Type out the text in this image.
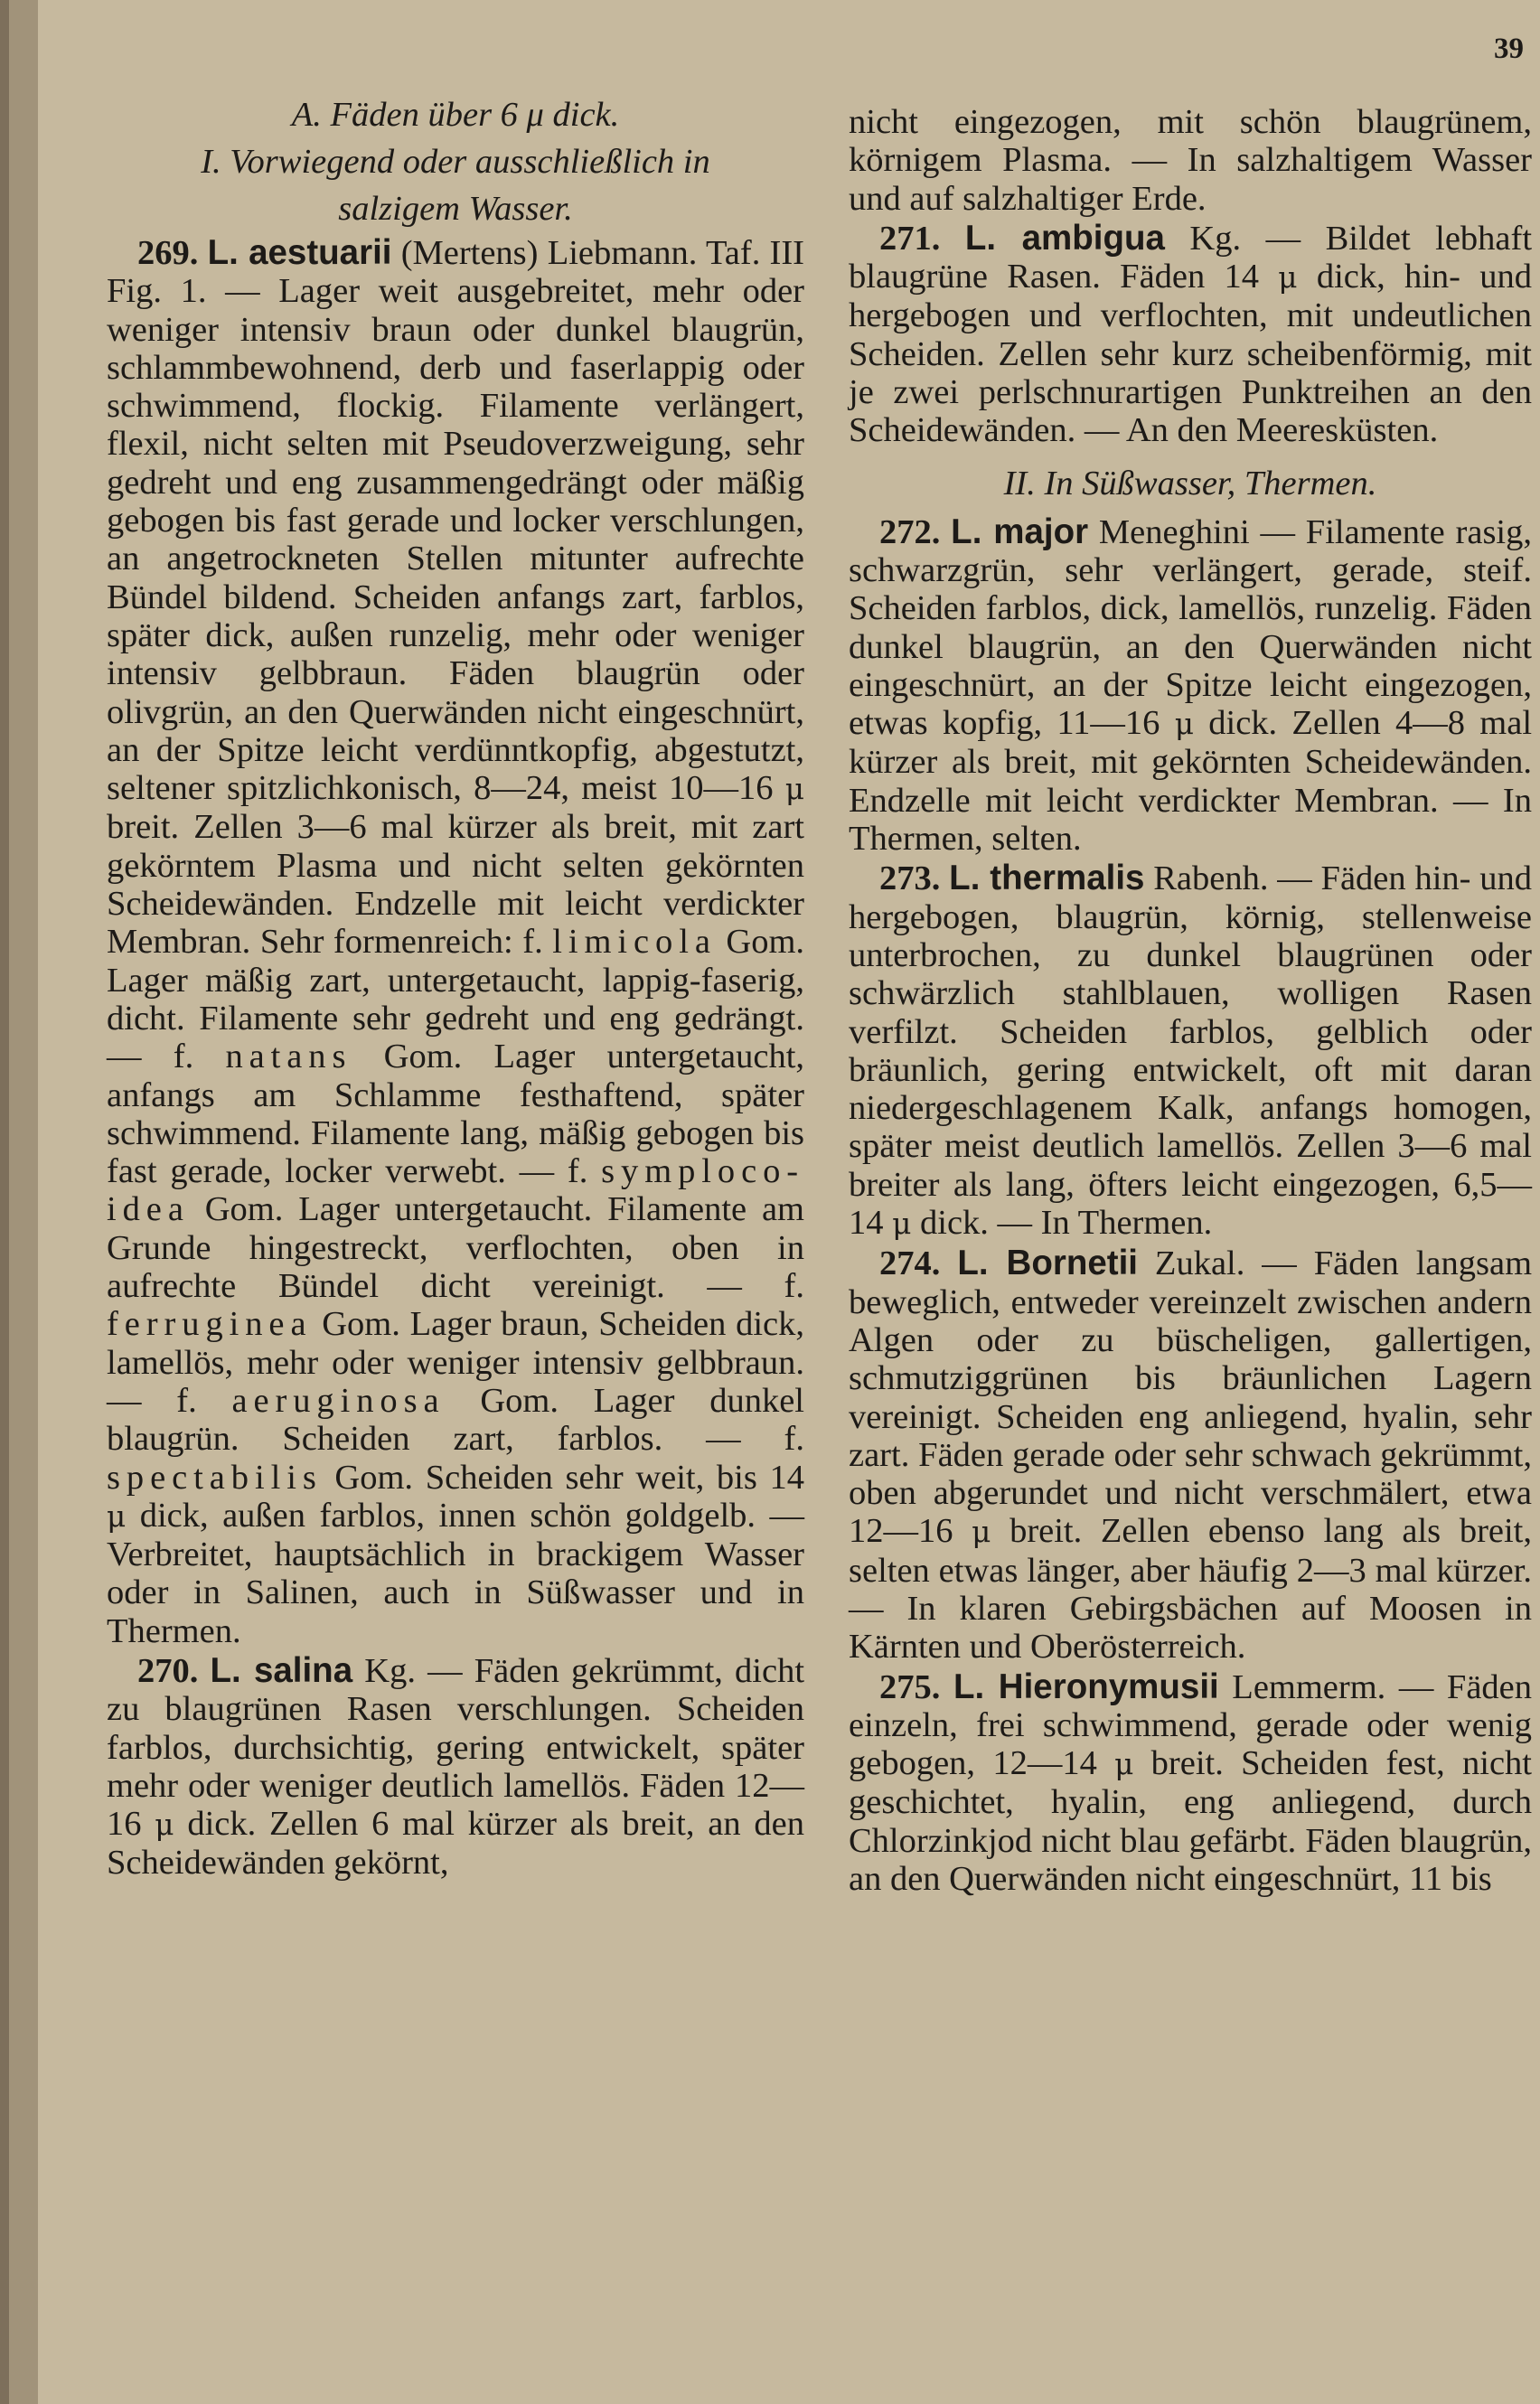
39

A. Fäden über 6 μ dick.

I. Vorwiegend oder ausschließlich in
salzigem Wasser.

269. L. aestuarii (Mertens) Liebmann. Taf. III Fig. 1. — Lager weit ausgebreitet, mehr oder weniger intensiv braun oder dunkel blaugrün, schlammbewohnend, derb und faserlappig oder schwimmend, flockig. Filamente verlängert, flexil, nicht selten mit Pseudoverzweigung, sehr gedreht und eng zusammengedrängt oder mäßig gebogen bis fast gerade und locker verschlungen, an angetrockneten Stellen mitunter aufrechte Bündel bildend. Scheiden anfangs zart, farblos, später dick, außen runzelig, mehr oder weniger intensiv gelbbraun. Fäden blaugrün oder olivgrün, an den Querwänden nicht eingeschnürt, an der Spitze leicht verdünntkopfig, abgestutzt, seltener spitzlichkonisch, 8—24, meist 10—16 μ breit. Zellen 3—6 mal kürzer als breit, mit zart gekörntem Plasma und nicht selten gekörnten Scheidewänden. Endzelle mit leicht verdickter Membran. Sehr formenreich: f. limicola Gom. Lager mäßig zart, untergetaucht, lappig-faserig, dicht. Filamente sehr gedreht und eng gedrängt. — f. natans Gom. Lager untergetaucht, anfangs am Schlamme festhaftend, später schwimmend. Filamente lang, mäßig gebogen bis fast gerade, locker verwebt. — f. symploco-idea Gom. Lager untergetaucht. Filamente am Grunde hingestreckt, verflochten, oben in aufrechte Bündel dicht vereinigt. — f. ferruginea Gom. Lager braun, Scheiden dick, lamellös, mehr oder weniger intensiv gelbbraun. — f. aeruginosa Gom. Lager dunkel blaugrün. Scheiden zart, farblos. — f. spectabilis Gom. Scheiden sehr weit, bis 14 μ dick, außen farblos, innen schön goldgelb. — Verbreitet, hauptsächlich in brackigem Wasser oder in Salinen, auch in Süßwasser und in Thermen.

270. L. salina Kg. — Fäden gekrümmt, dicht zu blaugrünen Rasen verschlungen. Scheiden farblos, durchsichtig, gering entwickelt, später mehr oder weniger deutlich lamellös. Fäden 12—16 μ dick. Zellen 6 mal kürzer als breit, an den Scheidewänden gekörnt,

nicht eingezogen, mit schön blaugrünem, körnigem Plasma. — In salzhaltigem Wasser und auf salzhaltiger Erde.

271. L. ambigua Kg. — Bildet lebhaft blaugrüne Rasen. Fäden 14 μ dick, hin- und hergebogen und verflochten, mit undeutlichen Scheiden. Zellen sehr kurz scheibenförmig, mit je zwei perlschnurartigen Punktreihen an den Scheidewänden. — An den Meeresküsten.

II. In Süßwasser, Thermen.

272. L. major Meneghini — Filamente rasig, schwarzgrün, sehr verlängert, gerade, steif. Scheiden farblos, dick, lamellös, runzelig. Fäden dunkel blaugrün, an den Querwänden nicht eingeschnürt, an der Spitze leicht eingezogen, etwas kopfig, 11—16 μ dick. Zellen 4—8 mal kürzer als breit, mit gekörnten Scheidewänden. Endzelle mit leicht verdickter Membran. — In Thermen, selten.

273. L. thermalis Rabenh. — Fäden hin- und hergebogen, blaugrün, körnig, stellenweise unterbrochen, zu dunkel blaugrünen oder schwärzlich stahlblauen, wolligen Rasen verfilzt. Scheiden farblos, gelblich oder bräunlich, gering entwickelt, oft mit daran niedergeschlagenem Kalk, anfangs homogen, später meist deutlich lamellös. Zellen 3—6 mal breiter als lang, öfters leicht eingezogen, 6,5—14 μ dick. — In Thermen.

274. L. Bornetii Zukal. — Fäden langsam beweglich, entweder vereinzelt zwischen andern Algen oder zu büscheligen, gallertigen, schmutziggrünen bis bräunlichen Lagern vereinigt. Scheiden eng anliegend, hyalin, sehr zart. Fäden gerade oder sehr schwach gekrümmt, oben abgerundet und nicht verschmälert, etwa 12—16 μ breit. Zellen ebenso lang als breit, selten etwas länger, aber häufig 2—3 mal kürzer. — In klaren Gebirgsbächen auf Moosen in Kärnten und Oberösterreich.

275. L. Hieronymusii Lemmerm. — Fäden einzeln, frei schwimmend, gerade oder wenig gebogen, 12—14 μ breit. Scheiden fest, nicht geschichtet, hyalin, eng anliegend, durch Chlorzinkjod nicht blau gefärbt. Fäden blaugrün, an den Querwänden nicht eingeschnürt, 11 bis
